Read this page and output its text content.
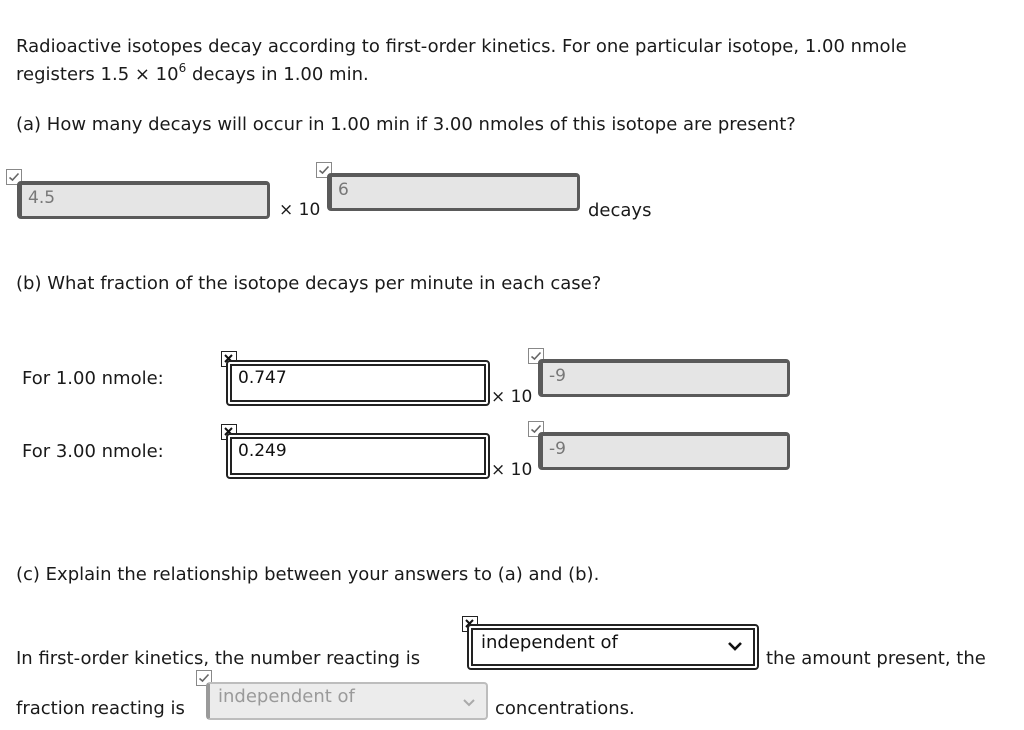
Radioactive isotopes decay according to first-order kinetics. For one particular isotope, 1.00 nmole
registers $1.5 \times 10^6$ decays in 1.00 min.
(a) How many decays will occur in 1.00 min if 3.00 nmoles of this isotope are present?
4.5
× 10
6
decays
(b) What fraction of the isotope decays per minute in each case?
For 1.00 nmole:	0.747
× 10
-9
For 3.00 nmole:	0.249
× 10
-9
(c) Explain the relationship between your answers to (a) and (b).
In first-order kinetics, the number reacting is
independent of
the amount present, the
fraction reacting is
independent of
concentrations.
